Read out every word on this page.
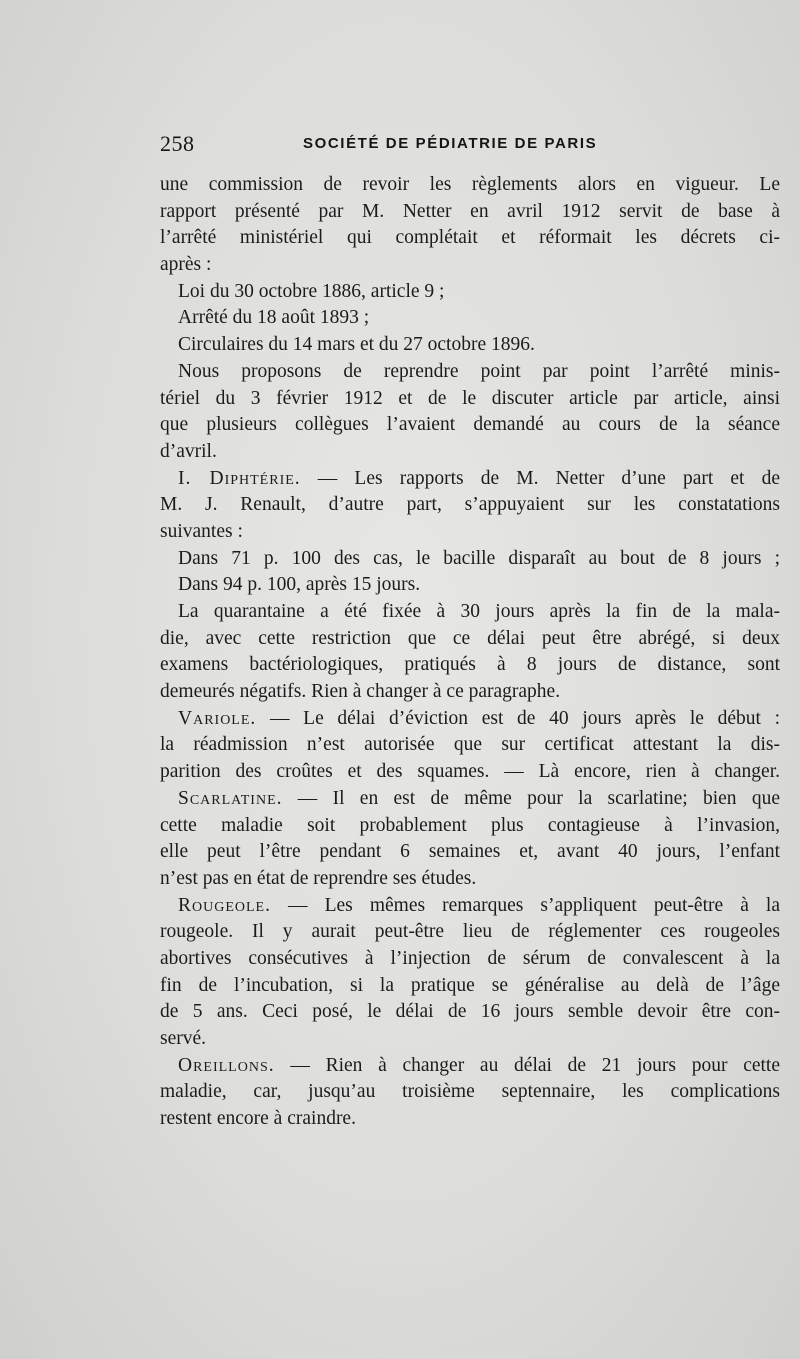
258	SOCIÉTÉ DE PÉDIATRIE DE PARIS
une commission de revoir les règlements alors en vigueur. Le
rapport présenté par M. Netter en avril 1912 servit de base à
l’arrêté ministériel qui complétait et réformait les décrets ci-
après :
Loi du 30 octobre 1886, article 9 ;
Arrêté du 18 août 1893 ;
Circulaires du 14 mars et du 27 octobre 1896.
Nous proposons de reprendre point par point l’arrêté minis-
tériel du 3 février 1912 et de le discuter article par article, ainsi
que plusieurs collègues l’avaient demandé au cours de la séance
d’avril.
I. Diphtérie. — Les rapports de M. Netter d’une part et de
M. J. Renault, d’autre part, s’appuyaient sur les constatations
suivantes :
Dans 71 p. 100 des cas, le bacille disparaît au bout de 8 jours ;
Dans 94 p. 100, après 15 jours.
La quarantaine a été fixée à 30 jours après la fin de la mala-
die, avec cette restriction que ce délai peut être abrégé, si deux
examens bactériologiques, pratiqués à 8 jours de distance, sont
demeurés négatifs. Rien à changer à ce paragraphe.
Variole. — Le délai d’éviction est de 40 jours après le début :
la réadmission n’est autorisée que sur certificat attestant la dis-
parition des croûtes et des squames. — Là encore, rien à changer.
Scarlatine. — Il en est de même pour la scarlatine; bien que
cette maladie soit probablement plus contagieuse à l’invasion,
elle peut l’être pendant 6 semaines et, avant 40 jours, l’enfant
n’est pas en état de reprendre ses études.
Rougeole. — Les mêmes remarques s’appliquent peut-être à la
rougeole. Il y aurait peut-être lieu de réglementer ces rougeoles
abortives consécutives à l’injection de sérum de convalescent à la
fin de l’incubation, si la pratique se généralise au delà de l’âge
de 5 ans. Ceci posé, le délai de 16 jours semble devoir être con-
servé.
Oreillons. — Rien à changer au délai de 21 jours pour cette
maladie, car, jusqu’au troisième septennaire, les complications
restent encore à craindre.
